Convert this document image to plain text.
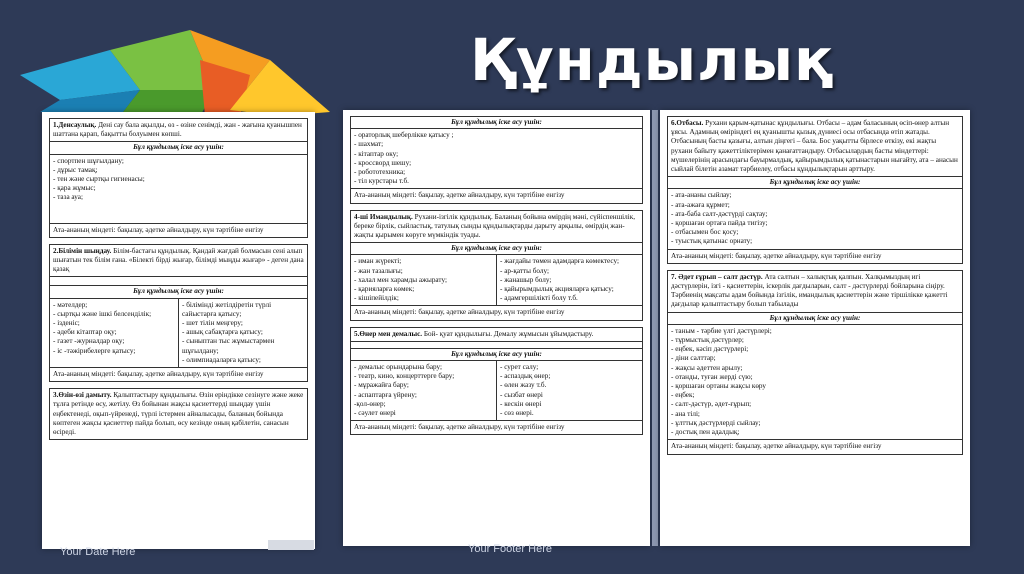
Құндылық
1.Денсаулық. Дені сау бала ақылды, өз - өзіне сенімді, жан - жағына қуанышпен шаттана қарап, бақытты болуымен көпші.
Бұл құндылық іске асу үшін:
- спортпен шұғылдану;
- дұрыс тамақ;
- тен және сыртқы гигиенасы;
- қара жұмыс;
- таза ауа;
Ата-ананың міндеті: бақылау, әдетке айналдыру, күн тәртібіне енгізу
2.Білімін шыңдау. Білім-бастағы құндылық. Қандай жағдай болмасын сені алып шығатын тек білім ғана. «Білекті бірді жығар, білімді мыңды жығар» - деген дана қазақ
Бұл құндылық іске асу үшін:
- мәтелдер;
- сыртқы және ішкі белсенділік;
- ізденіс;
- әдеби кітаптар оқу;
- газет -журналдар оқу;
- іс -тәжірибелерге қатысу;
- білімінді жетілдіретін түрлі сайыстарға қатысу;
- шет тілін меңгеру;
- ашық сабақтарға қатысу;
- сыныптан тыс жұмыстармен шұғылдану;
- олимпиадаларға қатысу;
Ата-ананың міндеті: бақылау, әдетке айналдыру, күн тәртібіне енгізу
3.Өзін-өзі дамыту. Қалыптастыру құндылығы. Өзін еріндікке сезінуге және жеке тұлға ретінде өсу, жетілу. Өз бойынан жақсы қасиеттерді шыңдау үшін еңбектенеді, оқып-үйренеді, түрлі істермен айналысады, баланың бойында көптеген жақсы қасиеттер пайда болып, өсу кезінде оның қабілетін, санасын өсіреді.
Бұл құндылық іске асу үшін:
- ораторлық шеберлікке қатысу ;
- шахмат;
- кітаптар оку;
- кроссворд шешу;
- робототехника;
- тіл курстары т.б.
Ата-ананың міндеті: бақылау, әдетке айналдыру, күн тәртібіне енгізу
4-ші Имандылық. Рухани-ізгілік құндылық. Баланың бойына өмірдің мәні, сүйіспеншілік, береке бірлік, сыйластық, татулық сынды құндылықтарды дарыту арқылы, өмірдің жан-жақты қырымен көруге мүмкіндік туады.
Бұл құндылық іске асу үшін:
- иман жүректі;
- жан тазалығы;
- халал мен харамды ажырату;
- қарияларға көмек;
- кішіпейілдік;
- жағдайы төмен адамдарға көмектесу;
- ар-қатты болу;
- жанашыр болу;
- қайырымдылық акцияларға қатысу;
- адамгершілікті болу т.б.
Ата-ананың міндеті: бақылау, әдетке айналдыру, күн тәртібіне енгізу
5.Өнер мен демалыс. Бой- қуат құндылығы. Демалу жұмысын ұйымдастыру.
Бұл құндылық іске асу үшін:
- демалыс орындарына бару;
- театр, кино, концерттерге бару;
- мұражайға бару;
- аспаптарға үйрену;
-қол-өнер;
- сәулет өнері
- сурет салу;
- аспаздық өнер;
- өлен жазу т.б.
- сызбат өнері
- кескін өнері
- сөз өнері.
Ата-ананың міндеті: бақылау, әдетке айналдыру, күн тәртібіне енгізу
6.Отбасы. Рухани қарым-қатынас құндылығы. Отбасы – адам баласының өсіп-өнер алтын ұясы. Адамның өміріндегі ең қуанышты қызық дүниесі осы отбасында өтіп жатады. Отбасының басты қазығы, алтын діңгегі – бала. Бос уақытты бірлесе өткізу, екі жақты рухани байыту қажеттіліктерімен қанағаттандыру. Отбасылардың басты міндеттері: мүшелерінің арасындағы бауырмалдық, қайырымдылық қатынастарын нығайту, ата – анасын сыйлай білетін азамат тәрбиелеу, отбасы құндылықтарын арттыру.
Бұл құндылық іске асу үшін:
- ата-ананы сыйлау;
- ата-ажаға құрмет;
- ата-баба салт-дәстүрді сақтау;
- қоршаған ортаға пайда тигізу;
- отбасымен бос қосу;
- туыстық қатынас орнату;
Ата-ананың міндеті: бақылау, әдетке айналдыру, күн тәртібіне енгізу
7. Әдет ғұрып – салт дәстүр. Ата салтын – халықтық қалпын. Халқымыздың игі дәстүрлерін, ізгі - қасиеттерін, іскерлік дағдыларын, салт - дәстүрлерді бойларына сіңіру. Тәрбиенің мақсаты адам бойында ізгілік, имандылық қасиеттерін және тіршілікке қажетті дағдылар қалыптастыру болып табылады
Бұл құндылық іске асу үшін:
- таным - тәрбие үлгі дәстүрлері;
- тұрмыстық дәстүрлер;
- еңбек, кәсіп дәстүрлері;
- діни салттар;
- жақсы әдеттен арылу;
- отанды, туған жерді сүю;
- қоршаған ортаны жақсы көру
- еңбек;
- салт-дәстүр, әдет-ғұрып;
- ана тілі;
- ұлттық дәстүрлерді сыйлау;
- достық пен адалдық;
Ата-ананың міндеті: бақылау, әдетке айналдыру, күн тәртібіне енгізу
Your Date Here	Your Footer Here
